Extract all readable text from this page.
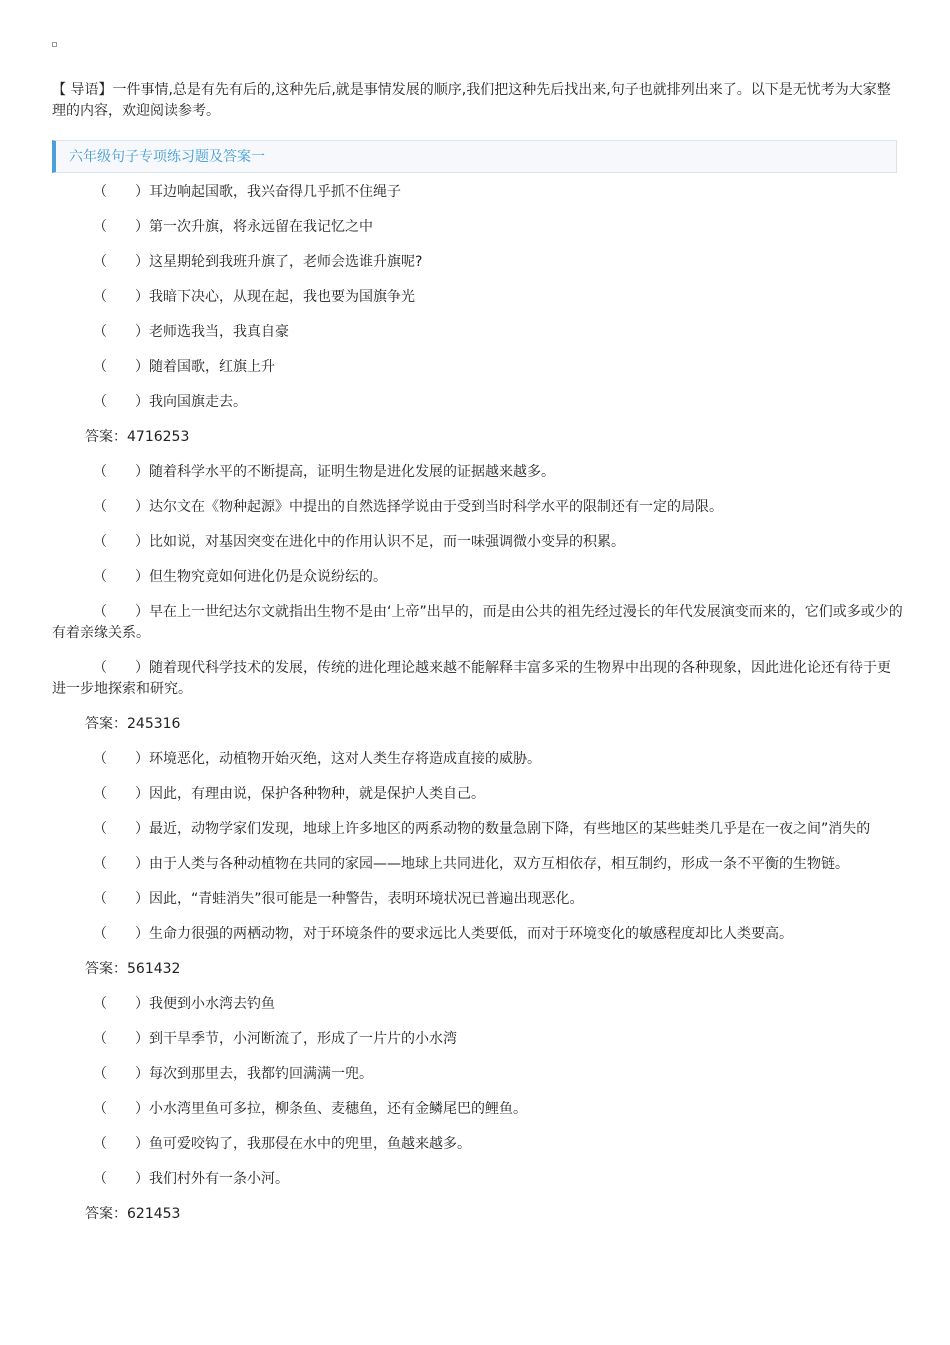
【 导语】一件事情,总是有先有后的,这种先后,就是事情发展的顺序,我们把这种先后找出来,句子也就排列出来了。以下是无忧考为大家整理的内容，欢迎阅读参考。

六年级句子专项练习题及答案一

（　　）耳边响起国歌，我兴奋得几乎抓不住绳子

（　　）第一次升旗，将永远留在我记忆之中

（　　）这星期轮到我班升旗了，老师会选谁升旗呢?

（　　）我暗下决心，从现在起，我也要为国旗争光

（　　）老师选我当，我真自豪

（　　）随着国歌，红旗上升

（　　）我向国旗走去。

答案：4716253

（　　）随着科学水平的不断提高，证明生物是进化发展的证据越来越多。

（　　）达尔文在《物种起源》中提出的自然选择学说由于受到当时科学水平的限制还有一定的局限。

（　　）比如说，对基因突变在进化中的作用认识不足，而一味强调微小变异的积累。

（　　）但生物究竟如何进化仍是众说纷纭的。

（　　）早在上一世纪达尔文就指出生物不是由‘上帝”出早的，而是由公共的祖先经过漫长的年代发展演变而来的，它们或多或少的有着亲缘关系。

（　　）随着现代科学技术的发展，传统的进化理论越来越不能解释丰富多采的生物界中出现的各种现象，因此进化论还有待于更进一步地探索和研究。

答案：245316

（　　）环境恶化，动植物开始灭绝，这对人类生存将造成直接的威胁。

（　　）因此，有理由说，保护各种物种，就是保护人类自己。

（　　）最近，动物学家们发现，地球上许多地区的两系动物的数量急剧下降，有些地区的某些蛙类几乎是在一夜之间”消失的

（　　）由于人类与各种动植物在共同的家园——地球上共同进化，双方互相依存，相互制约，形成一条不平衡的生物链。

（　　）因此，“青蛙消失”很可能是一种警告，表明环境状况已普遍出现恶化。

（　　）生命力很强的两栖动物，对于环境条件的要求远比人类要低，而对于环境变化的敏感程度却比人类要高。

答案：561432

（　　）我便到小水湾去钓鱼

（　　）到干旱季节，小河断流了，形成了一片片的小水湾

（　　）每次到那里去，我都钓回满满一兜。

（　　）小水湾里鱼可多拉，柳条鱼、麦穗鱼，还有金鳞尾巴的鲤鱼。

（　　）鱼可爱咬钩了，我那侵在水中的兜里，鱼越来越多。

（　　）我们村外有一条小河。

答案：621453
